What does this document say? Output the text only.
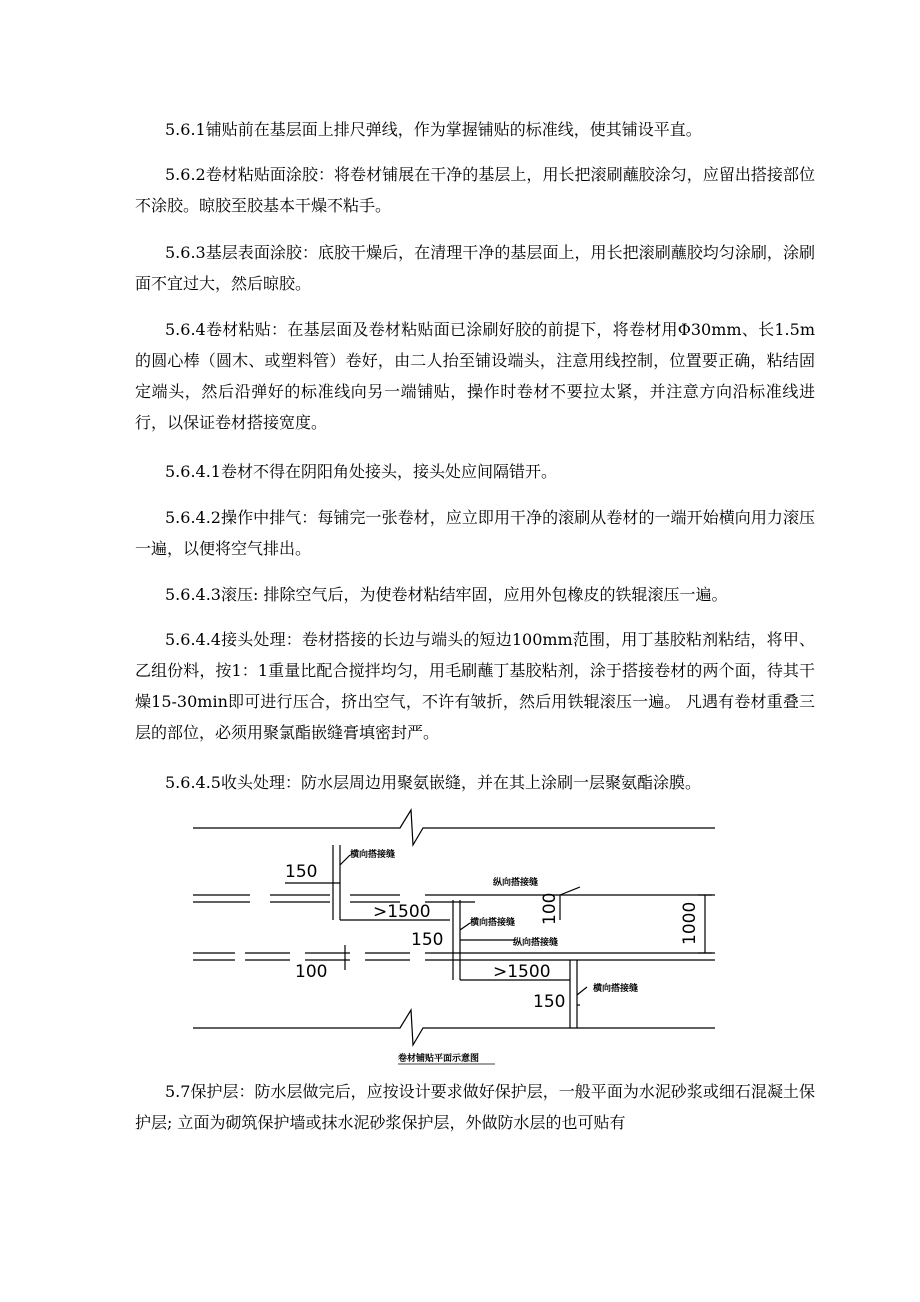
5.6.1铺贴前在基层面上排尺弹线，作为掌握铺贴的标准线，使其铺设平直。

5.6.2卷材粘贴面涂胶：将卷材铺展在干净的基层上，用长把滚刷蘸胶涂匀，应留出搭接部位不涂胶。晾胶至胶基本干燥不粘手。

5.6.3基层表面涂胶：底胶干燥后，在清理干净的基层面上，用长把滚刷蘸胶均匀涂刷，涂刷面不宜过大，然后晾胶。

5.6.4卷材粘贴：在基层面及卷材粘贴面已涂刷好胶的前提下，将卷材用Φ30mm、长1.5m的圆心棒（圆木、或塑料管）卷好，由二人抬至铺设端头，注意用线控制，位置要正确，粘结固定端头，然后沿弹好的标准线向另一端铺贴，操作时卷材不要拉太紧，并注意方向沿标准线进行，以保证卷材搭接宽度。

5.6.4.1卷材不得在阴阳角处接头，接头处应间隔错开。

5.6.4.2操作中排气：每铺完一张卷材，应立即用干净的滚刷从卷材的一端开始横向用力滚压一遍，以便将空气排出。

5.6.4.3滚压: 排除空气后，为使卷材粘结牢固，应用外包橡皮的铁辊滚压一遍。

5.6.4.4接头处理：卷材搭接的长边与端头的短边100mm范围，用丁基胶粘剂粘结，将甲、乙组份料，按1：1重量比配合搅拌均匀，用毛刷蘸丁基胶粘剂，涂于搭接卷材的两个面，待其干燥15-30min即可进行压合，挤出空气，不许有皱折，然后用铁辊滚压一遍。 凡遇有卷材重叠三层的部位，必须用聚氯酯嵌缝膏填密封严。

5.6.4.5收头处理：防水层周边用聚氨嵌缝，并在其上涂刷一层聚氨酯涂膜。

150
横向搭接缝
纵向搭接缝
>1500	100	1000
横向搭接缝
150	纵向搭接缝
100	>1500
150
横向搭接缝
卷材铺贴平面示意图

5.7保护层：防水层做完后，应按设计要求做好保护层，一般平面为水泥砂浆或细石混凝土保护层; 立面为砌筑保护墙或抹水泥砂浆保护层，外做防水层的也可贴有
